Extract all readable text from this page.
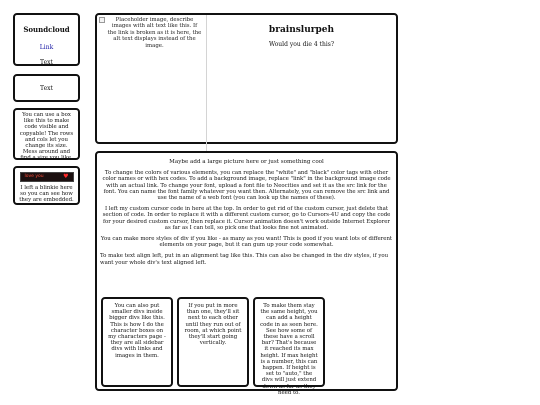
Soundcloud
Link
Text
Text
You can use a box like this to make code visible and copyable! The rows and cols let you change its size. Mess around and find a size you like.
love you	♥
I left a blinkie here so you can see how they are embedded.
Placeholder image, describe images with alt text like this. If the link is broken as it is here, the alt text displays instead of the image.
brainslurpeh
Would you die 4 this?

Maybe add a large picture here or just something cool

To change the colors of various elements, you can replace the "white" and "black" color tags with other color names or with hex codes. To add a background image, replace "link" in the background image code with an actual link. To change your font, upload a font file to Neocities and set it as the src link for the font. You can name the font family whatever you want then. Alternately, you can remove the src link and use the name of a web font (you can look up the names of these).

I left my custom cursor code in here at the top. In order to get rid of the custom cursor, just delete that section of code. In order to replace it with a different custom cursor, go to Cursors-4U and copy the code for your desired custom cursor, then replace it. Cursor animation doesn't work outside Internet Explorer as far as I can tell, so pick one that looks fine not animated.

You can make more styles of div if you like - as many as you want! This is good if you want lots of different elements on your page, but it can gum up your code somewhat.

To make text align left, put in an alignment tag like this. This can also be changed in the div styles, if you want your whole div's text aligned left.

You can also put smaller divs inside bigger divs like this. This is how I do the character boxes on my characters page - they are all sidebar divs with links and images in them.
If you put in more than one, they'll sit next to each other until they run out of room, at which point they'll start going vertically.
To make them stay the same height, you can add a height code in as seen here. See how some of these have a scroll bar? That's because it reached its max height. If max height is a number, this can happen. If height is set to "auto," the divs will just extend down as far as they need to.
